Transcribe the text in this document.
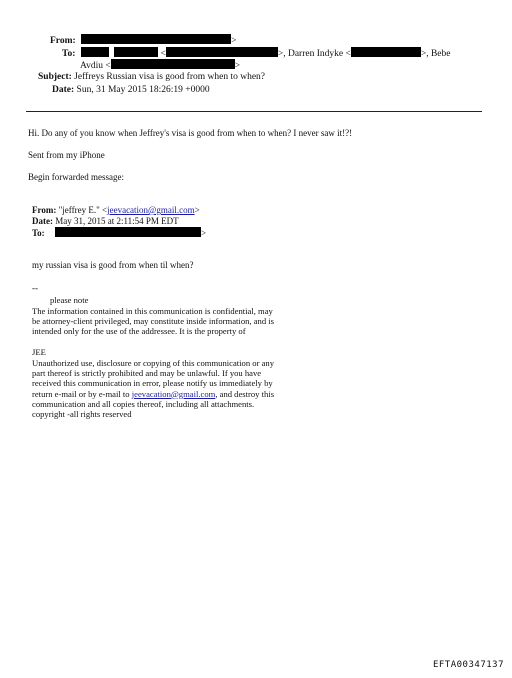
From:	>
To:	<	>, Darren Indyke <	>, Bebe
Avdiu <	>
Subject: Jeffreys Russian visa is good from when to when?
Date: Sun, 31 May 2015 18:26:19 +0000
Hi. Do any of you know when Jeffrey's visa is good from when to when? I never saw it!?!
Sent from my iPhone
Begin forwarded message:
From: "jeffrey E." <jeevacation@gmail.com>
Date: May 31, 2015 at 2:11:54 PM EDT
To:	>
my russian visa is good from when til when?
--
please note
The information contained in this communication is confidential, may be attorney-client privileged, may constitute inside information, and is intended only for the use of the addressee. It is the property of
JEE
Unauthorized use, disclosure or copying of this communication or any part thereof is strictly prohibited and may be unlawful. If you have received this communication in error, please notify us immediately by return e-mail or by e-mail to jeevacation@gmail.com, and destroy this communication and all copies thereof, including all attachments. copyright -all rights reserved
EFTA00347137
